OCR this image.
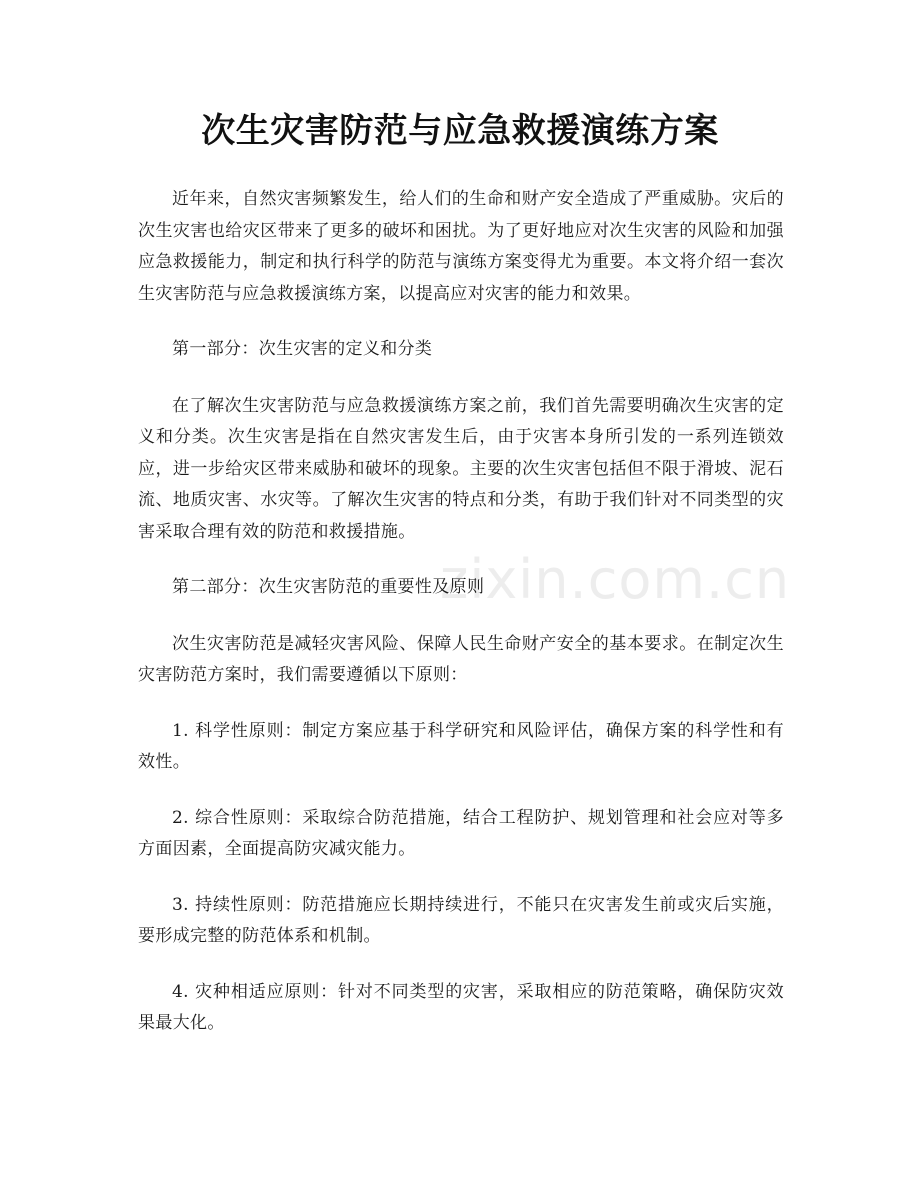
zixin.com.cn
次生灾害防范与应急救援演练方案

近年来，自然灾害频繁发生，给人们的生命和财产安全造成了严重威胁。灾后的次生灾害也给灾区带来了更多的破坏和困扰。为了更好地应对次生灾害的风险和加强应急救援能力，制定和执行科学的防范与演练方案变得尤为重要。本文将介绍一套次生灾害防范与应急救援演练方案，以提高应对灾害的能力和效果。

第一部分：次生灾害的定义和分类

在了解次生灾害防范与应急救援演练方案之前，我们首先需要明确次生灾害的定义和分类。次生灾害是指在自然灾害发生后，由于灾害本身所引发的一系列连锁效应，进一步给灾区带来威胁和破坏的现象。主要的次生灾害包括但不限于滑坡、泥石流、地质灾害、水灾等。了解次生灾害的特点和分类，有助于我们针对不同类型的灾害采取合理有效的防范和救援措施。

第二部分：次生灾害防范的重要性及原则

次生灾害防范是减轻灾害风险、保障人民生命财产安全的基本要求。在制定次生灾害防范方案时，我们需要遵循以下原则：

1. 科学性原则：制定方案应基于科学研究和风险评估，确保方案的科学性和有效性。

2. 综合性原则：采取综合防范措施，结合工程防护、规划管理和社会应对等多方面因素，全面提高防灾减灾能力。

3. 持续性原则：防范措施应长期持续进行，不能只在灾害发生前或灾后实施，要形成完整的防范体系和机制。

4. 灾种相适应原则：针对不同类型的灾害，采取相应的防范策略，确保防灾效果最大化。
